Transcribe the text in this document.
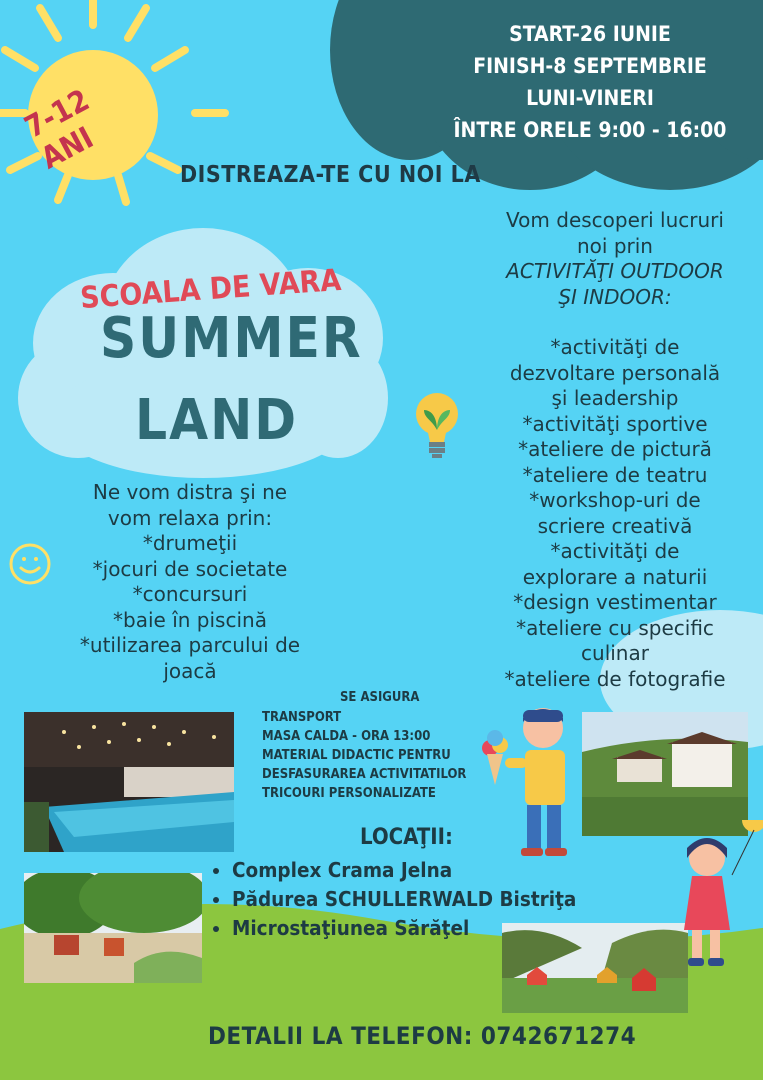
7-12 ANI
START-26 IUNIE
FINISH-8 SEPTEMBRIE
LUNI-VINERI
ÎNTRE ORELE 9:00 - 16:00
DISTREAZA-TE CU NOI LA
SCOALA DE VARA
SUMMER
LAND
Ne vom distra şi ne
vom relaxa prin:
*drumeţii
*jocuri de societate
*concursuri
*baie în piscină
*utilizarea parcului de
joacă
Vom descoperi lucruri
noi prin
ACTIVITĂŢI OUTDOOR
ŞI INDOOR:
*activităţi de
dezvoltare personală
şi leadership
*activităţi sportive
*ateliere de pictură
*ateliere de teatru
*workshop-uri de
scriere creativă
*activităţi de
explorare a naturii
*design vestimentar
*ateliere cu specific
culinar
*ateliere de fotografie
SE ASIGURA
TRANSPORT
MASA CALDA - ORA 13:00
MATERIAL DIDACTIC PENTRU
DESFASURAREA ACTIVITATILOR
TRICOURI PERSONALIZATE
LOCAŢII:
• Complex Crama Jelna
• Pădurea SCHULLERWALD Bistriţa
• Microstaţiunea Sărăţel
DETALII LA TELEFON: 0742671274
